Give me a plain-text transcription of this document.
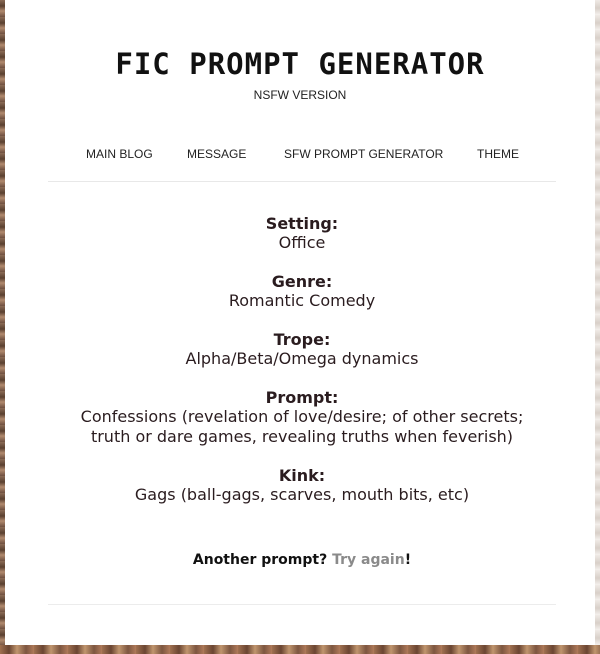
FIC PROMPT GENERATOR
NSFW VERSION
MAIN BLOG	MESSAGE	SFW PROMPT GENERATOR	THEME
Setting:
Office
Genre:
Romantic Comedy
Trope:
Alpha/Beta/Omega dynamics
Prompt:
Confessions (revelation of love/desire; of other secrets;
truth or dare games, revealing truths when feverish)
Kink:
Gags (ball-gags, scarves, mouth bits, etc)
Another prompt? Try again!
